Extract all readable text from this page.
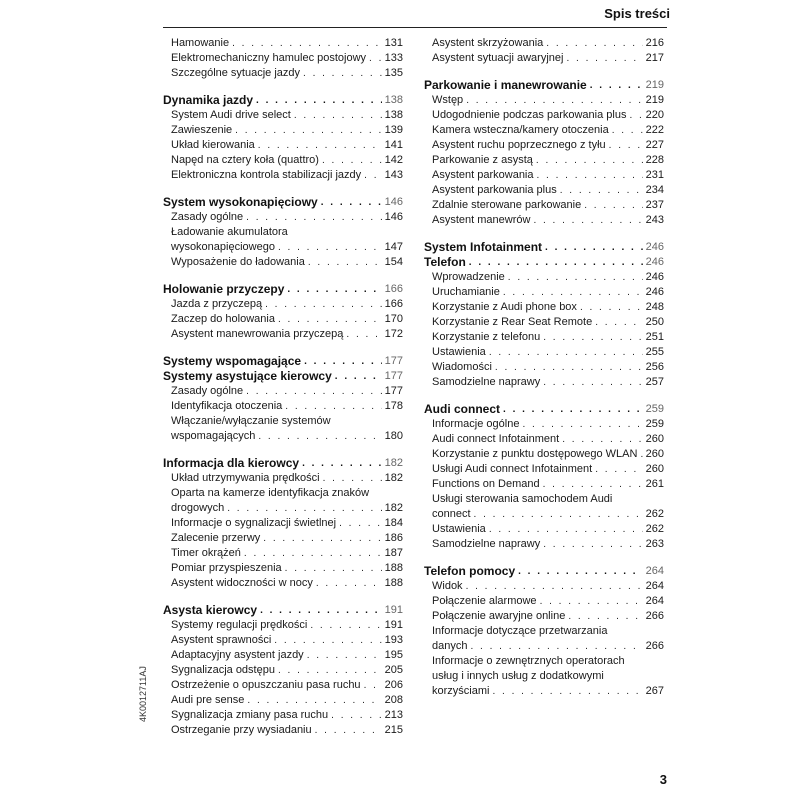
Spis treści
Hamowanie . . .	131
Elektromechaniczny hamulec postojowy . . . 133
Szczególne sytuacje jazdy . . .	135
Dynamika jazdy . . .	138
System Audi drive select . . .	138
Zawieszenie . . .	139
Układ kierowania . . .	141
Napęd na cztery koła (quattro) . . .	142
Elektroniczna kontrola stabilizacji jazdy . . . 143
System wysokonapięciowy . . .	146
Zasady ogólne . . .	146
Ładowanie akumulatora
wysokonapięciowego . . .	147
Wyposażenie do ładowania . . .	154
Holowanie przyczepy . . .	166
Jazda z przyczepą . . .	166
Zaczep do holowania . . .	170
Asystent manewrowania przyczepą . . .	172
Systemy wspomagające . . .	177
Systemy asystujące kierowcy . . .	177
Zasady ogólne . . .	177
Identyfikacja otoczenia . . .	178
Włączanie/wyłączanie systemów
wspomagających . . .	180
Informacja dla kierowcy . . .	182
Układ utrzymywania prędkości . . .	182
Oparta na kamerze identyfikacja znaków
drogowych . . .	182
Informacje o sygnalizacji świetlnej . . .	184
Zalecenie przerwy . . .	186
Timer okrążeń . . .	187
Pomiar przyspieszenia . . .	188
Asystent widoczności w nocy . . .	188
Asysta kierowcy . . .	191
Systemy regulacji prędkości . . .	191
Asystent sprawności . . .	193
Adaptacyjny asystent jazdy . . .	195
Sygnalizacja odstępu . . .	205
Ostrzeżenie o opuszczaniu pasa ruchu . . . 206
Audi pre sense . . .	208
Sygnalizacja zmiany pasa ruchu . . .	213
Ostrzeganie przy wysiadaniu . . .	215
Asystent skrzyżowania . . .	216
Asystent sytuacji awaryjnej . . .	217
Parkowanie i manewrowanie . . .	219
Wstęp . . .	219
Udogodnienie podczas parkowania plus . . . 220
Kamera wsteczna/kamery otoczenia . . .	222
Asystent ruchu poprzecznego z tyłu . . .	227
Parkowanie z asystą . . .	228
Asystent parkowania . . .	231
Asystent parkowania plus . . .	234
Zdalnie sterowane parkowanie . . .	237
Asystent manewrów . . .	243
System Infotainment . . .	246
Telefon . . .	246
Wprowadzenie . . .	246
Uruchamianie . . .	246
Korzystanie z Audi phone box . . .	248
Korzystanie z Rear Seat Remote . . .	250
Korzystanie z telefonu . . .	251
Ustawienia . . .	255
Wiadomości . . .	256
Samodzielne naprawy . . .	257
Audi connect . . .	259
Informacje ogólne . . .	259
Audi connect Infotainment . . .	260
Korzystanie z punktu dostępowego WLAN . . . 260
Usługi Audi connect Infotainment . . .	260
Functions on Demand . . .	261
Usługi sterowania samochodem Audi
connect . . .	262
Ustawienia . . .	262
Samodzielne naprawy . . .	263
Telefon pomocy . . .	264
Widok . . .	264
Połączenie alarmowe . . .	264
Połączenie awaryjne online . . .	266
Informacje dotyczące przetwarzania
danych . . .	266
Informacje o zewnętrznych operatorach
usług i innych usług z dodatkowymi
korzyściami . . .	267
4K0012711AJ
3
